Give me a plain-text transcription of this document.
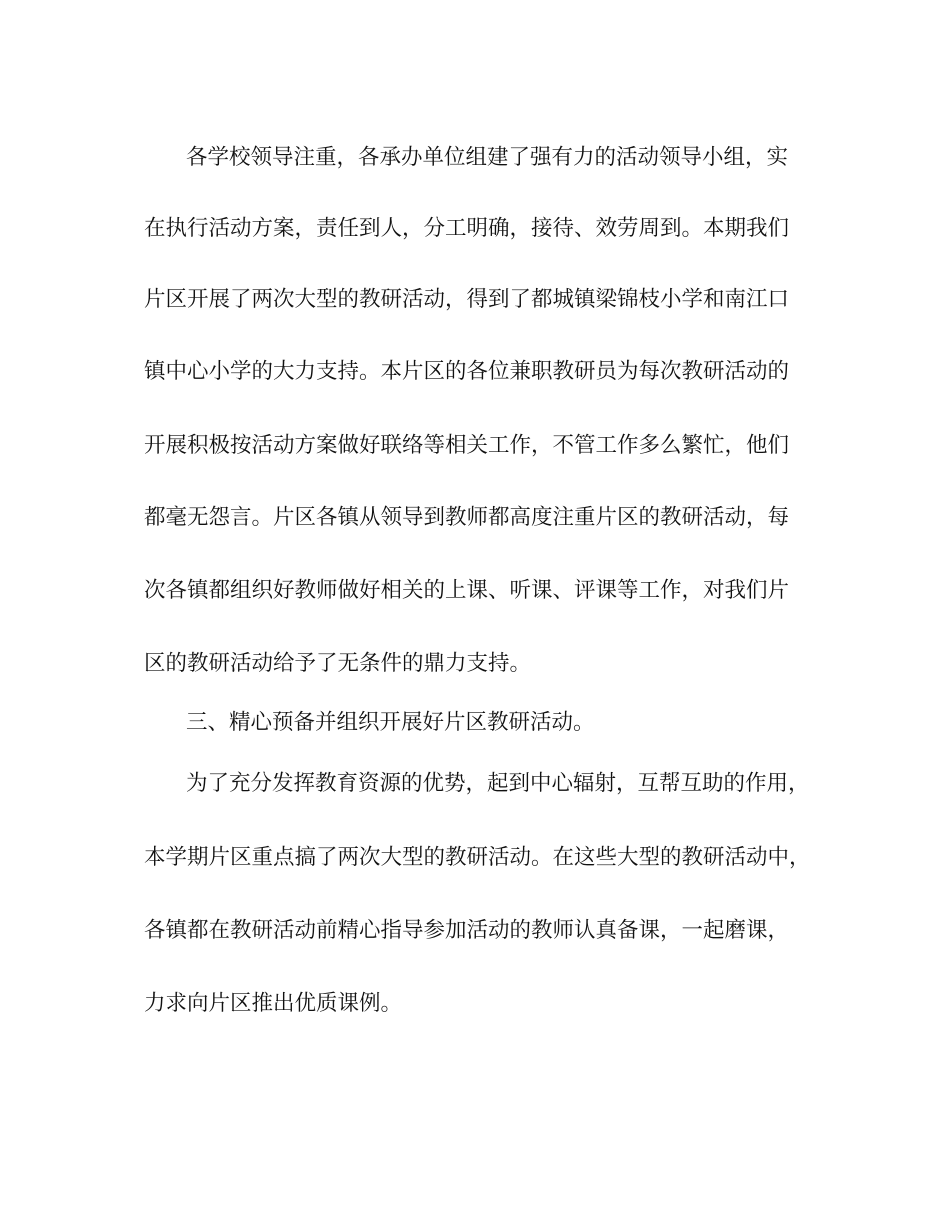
各学校领导注重，各承办单位组建了强有力的活动领导小组，实
在执行活动方案，责任到人，分工明确，接待、效劳周到。本期我们
片区开展了两次大型的教研活动，得到了都城镇梁锦枝小学和南江口
镇中心小学的大力支持。本片区的各位兼职教研员为每次教研活动的
开展积极按活动方案做好联络等相关工作，不管工作多么繁忙，他们
都毫无怨言。片区各镇从领导到教师都高度注重片区的教研活动，每
次各镇都组织好教师做好相关的上课、听课、评课等工作，对我们片
区的教研活动给予了无条件的鼎力支持。
三、精心预备并组织开展好片区教研活动。
为了充分发挥教育资源的优势，起到中心辐射，互帮互助的作用，
本学期片区重点搞了两次大型的教研活动。在这些大型的教研活动中，
各镇都在教研活动前精心指导参加活动的教师认真备课，一起磨课，
力求向片区推出优质课例。
